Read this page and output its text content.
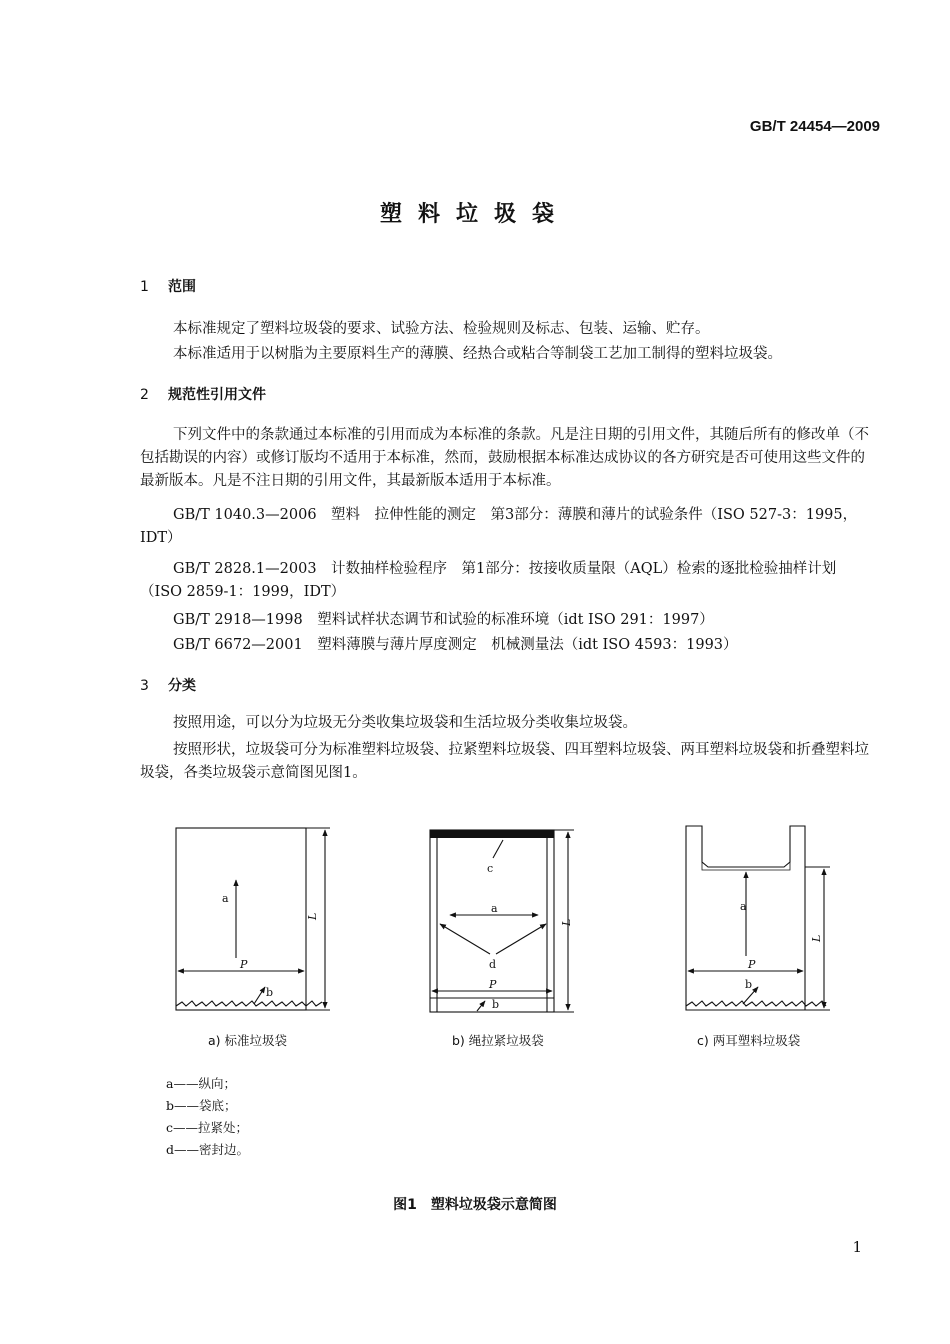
GB/T 24454—2009
塑料垃圾袋
1 范围
本标准规定了塑料垃圾袋的要求、试验方法、检验规则及标志、包装、运输、贮存。
本标准适用于以树脂为主要原料生产的薄膜、经热合或粘合等制袋工艺加工制得的塑料垃圾袋。
2 规范性引用文件
下列文件中的条款通过本标准的引用而成为本标准的条款。凡是注日期的引用文件，其随后所有的修改单（不包括勘误的内容）或修订版均不适用于本标准，然而，鼓励根据本标准达成协议的各方研究是否可使用这些文件的最新版本。凡是不注日期的引用文件，其最新版本适用于本标准。
GB/T 1040.3—2006　塑料　拉伸性能的测定　第3部分：薄膜和薄片的试验条件（ISO 527-3：1995，IDT）
GB/T 2828.1—2003　计数抽样检验程序　第1部分：按接收质量限（AQL）检索的逐批检验抽样计划（ISO 2859-1：1999，IDT）
GB/T 2918—1998　塑料试样状态调节和试验的标准环境（idt ISO 291：1997）
GB/T 6672—2001　塑料薄膜与薄片厚度测定　机械测量法（idt ISO 4593：1993）
3 分类
按照用途，可以分为垃圾无分类收集垃圾袋和生活垃圾分类收集垃圾袋。
按照形状，垃圾袋可分为标准塑料垃圾袋、拉紧塑料垃圾袋、四耳塑料垃圾袋、两耳塑料垃圾袋和折叠塑料垃圾袋，各类垃圾袋示意简图见图1。
a
P
b
L
c
a
d
P
b
L
a
P
b
L
a) 标准垃圾袋	b) 绳拉紧垃圾袋	c) 两耳塑料垃圾袋
a——纵向；
b——袋底；
c——拉紧处；
d——密封边。
图1　塑料垃圾袋示意简图
1
